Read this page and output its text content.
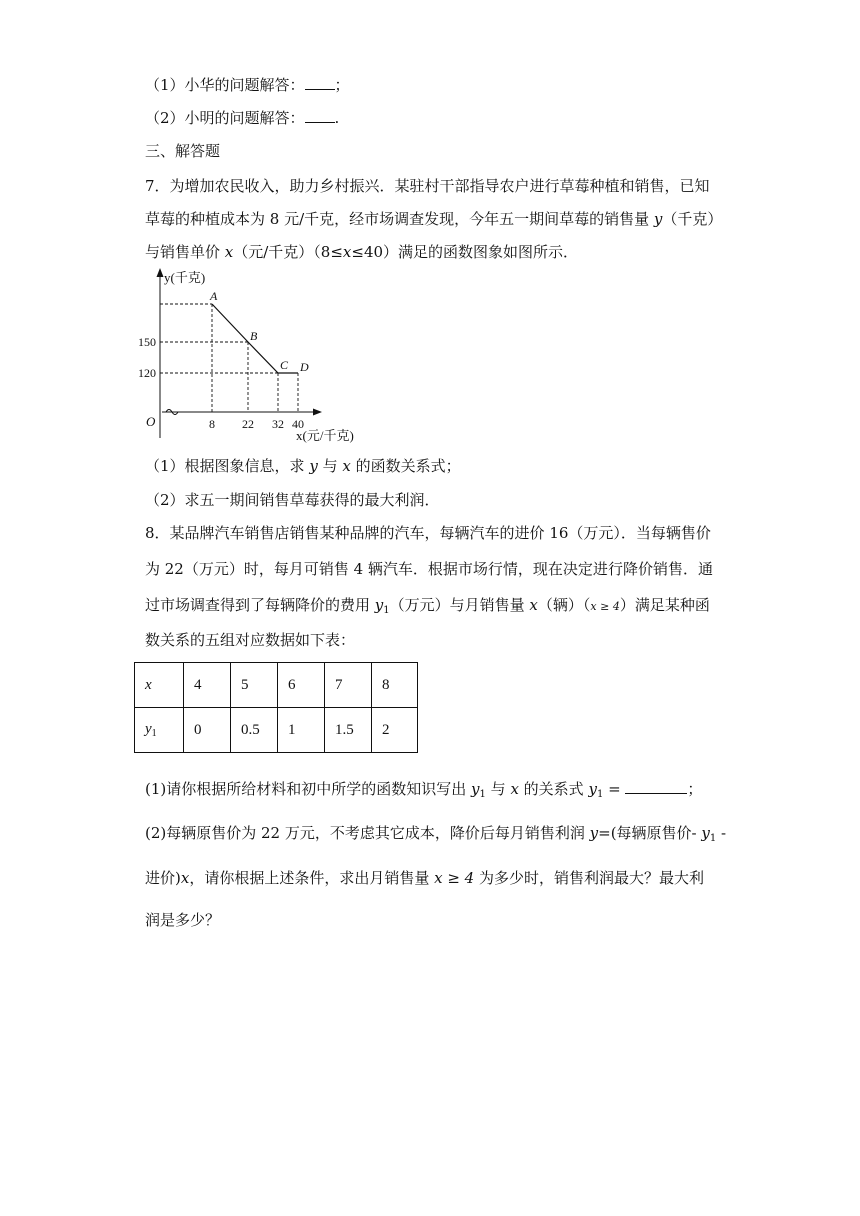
（1）小华的问题解答： ；
（2）小明的问题解答： .
三、解答题
7．为增加农民收入，助力乡村振兴．某驻村干部指导农户进行草莓种植和销售，已知
草莓的种植成本为 8 元/千克，经市场调查发现，今年五一期间草莓的销售量 y（千克）
与销售单价 x（元/千克）（8≤x≤40）满足的函数图象如图所示．
A
B
C D
150
120
8 22 32 40
O
y(千克)
x(元/千克)
（1）根据图象信息，求 y 与 x 的函数关系式；
（2）求五一期间销售草莓获得的最大利润．
8．某品牌汽车销售店销售某种品牌的汽车，每辆汽车的进价 16（万元）．当每辆售价
为 22（万元）时，每月可销售 4 辆汽车．根据市场行情，现在决定进行降价销售．通
过市场调查得到了每辆降价的费用 $y_1$（万元）与月销售量 x（辆）（x ≥ 4）满足某种函
数关系的五组对应数据如下表：
x	4	5	6	7	8
$y_1$	0	0.5	1	1.5	2
(1)请你根据所给材料和初中所学的函数知识写出 $y_1$ 与 x 的关系式 $y_1$ =	；
(2)每辆原售价为 22 万元，不考虑其它成本，降价后每月销售利润 y=(每辆原售价- $y_1$ -
进价)x，请你根据上述条件，求出月销售量 x ≥ 4 为多少时，销售利润最大？最大利
润是多少？
